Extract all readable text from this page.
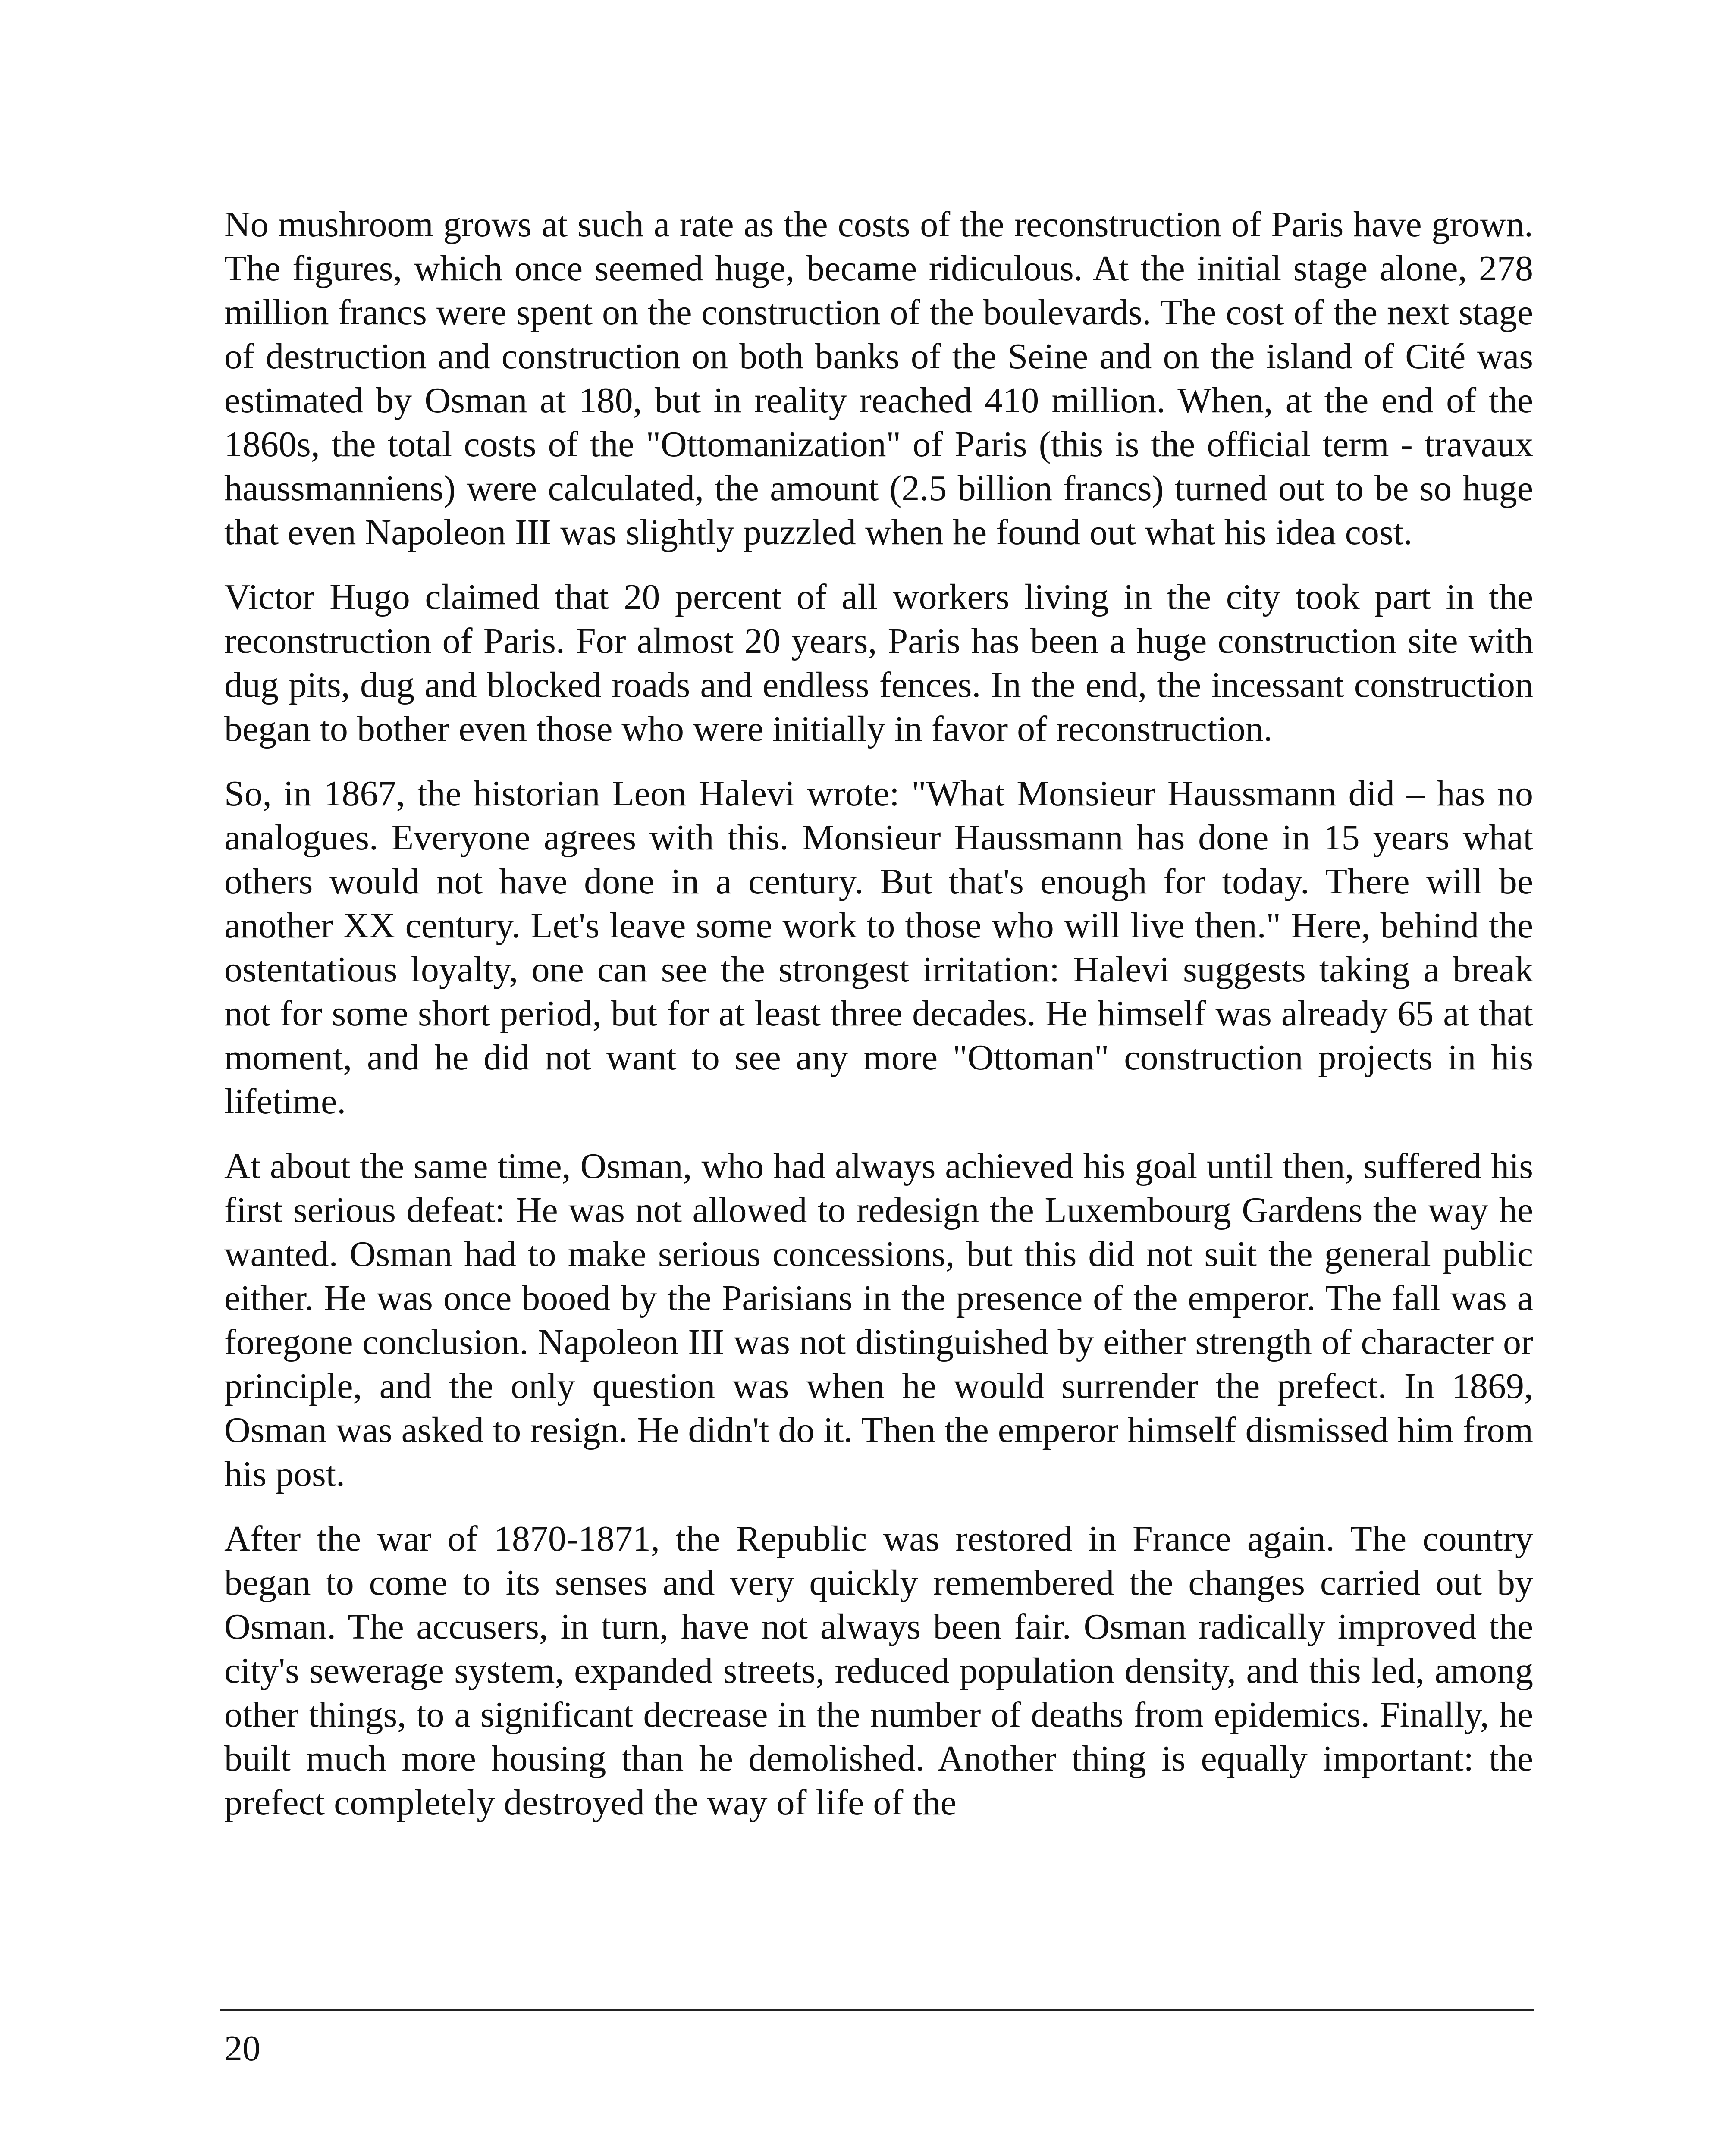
No mushroom grows at such a rate as the costs of the reconstruction of Paris have grown. The figures, which once seemed huge, became ridiculous. At the initial stage alone, 278 million francs were spent on the construction of the boulevards. The cost of the next stage of destruction and construction on both banks of the Seine and on the island of Cité was estimated by Osman at 180, but in reality reached 410 million. When, at the end of the 1860s, the total costs of the "Ottomanization" of Paris (this is the official term - travaux haussmanniens) were calculated, the amount (2.5 billion francs) turned out to be so huge that even Napoleon III was slightly puzzled when he found out what his idea cost.

Victor Hugo claimed that 20 percent of all workers living in the city took part in the reconstruction of Paris. For almost 20 years, Paris has been a huge construction site with dug pits, dug and blocked roads and endless fences. In the end, the incessant construction began to bother even those who were initially in favor of reconstruction.

So, in 1867, the historian Leon Halevi wrote: "What Monsieur Haussmann did – has no analogues. Everyone agrees with this. Monsieur Haussmann has done in 15 years what others would not have done in a century. But that's enough for today. There will be another XX century. Let's leave some work to those who will live then." Here, behind the ostentatious loyalty, one can see the strongest irritation: Halevi suggests taking a break not for some short period, but for at least three decades. He himself was already 65 at that moment, and he did not want to see any more "Ottoman" construction projects in his lifetime.

At about the same time, Osman, who had always achieved his goal until then, suffered his first serious defeat: He was not allowed to redesign the Luxembourg Gardens the way he wanted. Osman had to make serious concessions, but this did not suit the general public either. He was once booed by the Parisians in the presence of the emperor. The fall was a foregone conclusion. Napoleon III was not distinguished by either strength of character or principle, and the only question was when he would surrender the prefect. In 1869, Osman was asked to resign. He didn't do it. Then the emperor himself dismissed him from his post.

After the war of 1870-1871, the Republic was restored in France again. The country began to come to its senses and very quickly remembered the changes carried out by Osman. The accusers, in turn, have not always been fair. Osman radically improved the city's sewerage system, expanded streets, reduced population density, and this led, among other things, to a significant decrease in the number of deaths from epidemics. Finally, he built much more housing than he demolished. Another thing is equally important: the prefect completely destroyed the way of life of the

20
